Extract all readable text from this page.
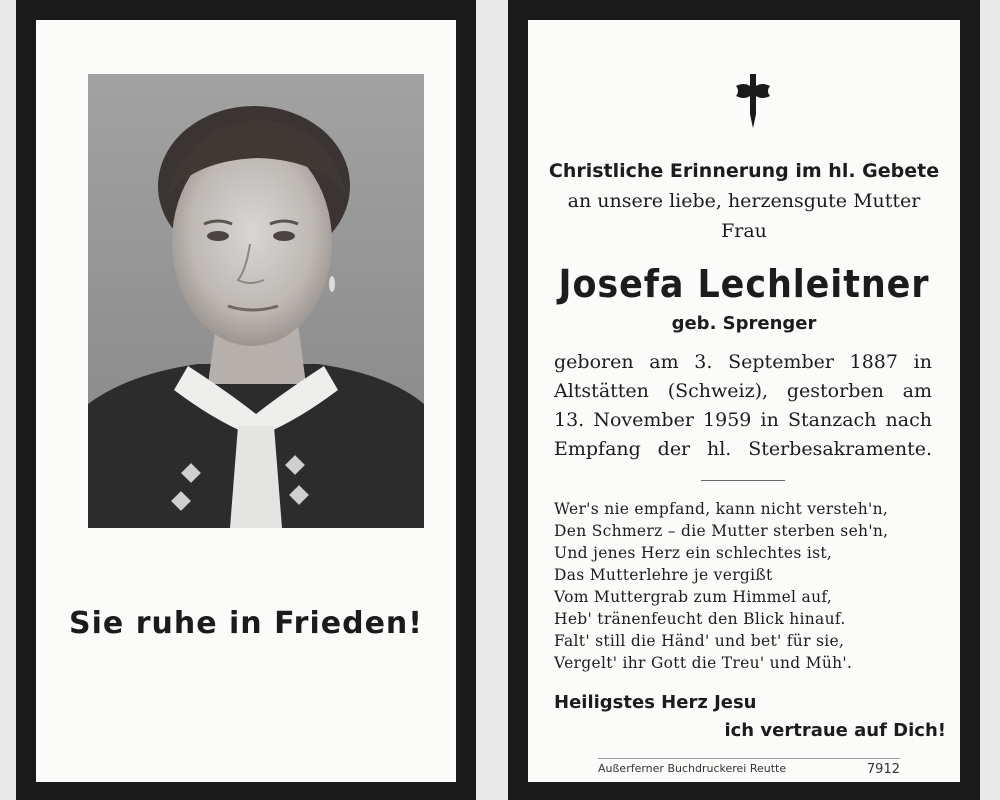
Sie ruhe in Frieden!
Christliche Erinnerung im hl. Gebete
an unsere liebe, herzensgute Mutter
Frau
Josefa Lechleitner
geb. Sprenger
geboren am 3. September 1887 in
Altstätten (Schweiz), gestorben am
13. November 1959 in Stanzach nach
Empfang der hl. Sterbesakramente.
Wer's nie empfand, kann nicht versteh'n,
Den Schmerz – die Mutter sterben seh'n,
Und jenes Herz ein schlechtes ist,
Das Mutterlehre je vergißt
Vom Muttergrab zum Himmel auf,
Heb' tränenfeucht den Blick hinauf.
Falt' still die Händ' und bet' für sie,
Vergelt' ihr Gott die Treu' und Müh'.
Heiligstes Herz Jesu
ich vertraue auf Dich!
Außerferner Buchdruckerei Reutte	7912
